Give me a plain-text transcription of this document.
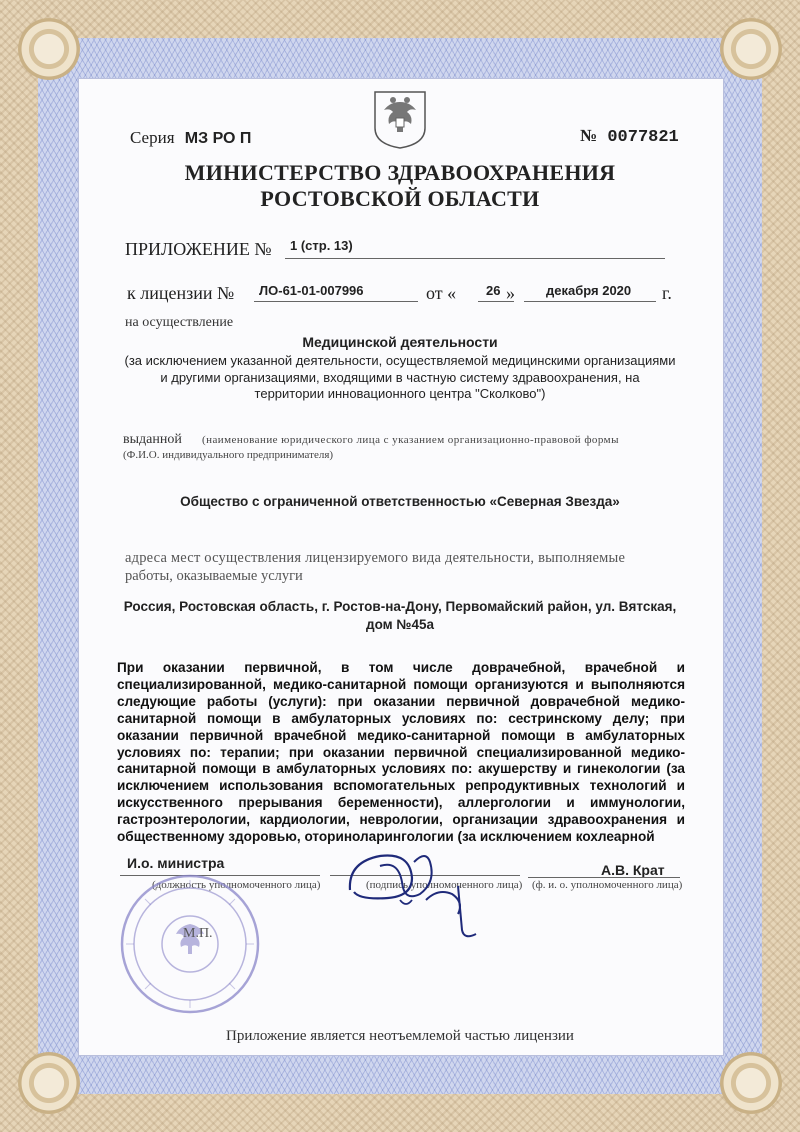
Серия МЗ РО П	№ 0077821
МИНИСТЕРСТВО ЗДРАВООХРАНЕНИЯ
РОСТОВСКОЙ ОБЛАСТИ
ПРИЛОЖЕНИЕ № 1 (стр. 13)
к лицензии № ЛО-61-01-007996	от « 26 » декабря 2020 г.
на осуществление
Медицинской деятельности
(за исключением указанной деятельности, осуществляемой медицинскими организациями
и другими организациями, входящими в частную систему здравоохранения, на
территории инновационного центра "Сколково")
выданной (наименование юридического лица с указанием организационно-правовой формы
(Ф.И.О. индивидуального предпринимателя)
Общество с ограниченной ответственностью «Северная Звезда»
адреса мест осуществления лицензируемого вида деятельности, выполняемые
работы, оказываемые услуги
Россия, Ростовская область, г. Ростов-на-Дону, Первомайский район, ул. Вятская,
дом №45а
При оказании первичной, в том числе доврачебной, врачебной и специализированной, медико-санитарной помощи организуются и выполняются следующие работы (услуги): при оказании первичной доврачебной медико-санитарной помощи в амбулаторных условиях по: сестринскому делу; при оказании первичной врачебной медико-санитарной помощи в амбулаторных условиях по: терапии; при оказании первичной специализированной медико-санитарной помощи в амбулаторных условиях по: акушерству и гинекологии (за исключением использования вспомогательных репродуктивных технологий и искусственного прерывания беременности), аллергологии и иммунологии, гастроэнтерологии, кардиологии, неврологии, организации здравоохранения и общественному здоровью, оториноларингологии (за исключением кохлеарной
И.о. министра
(должность уполномоченного лица)	(подпись уполномоченного лица)
А.В. Крат
(ф. и. о. уполномоченного лица)
М.П.
Приложение является неотъемлемой частью лицензии
